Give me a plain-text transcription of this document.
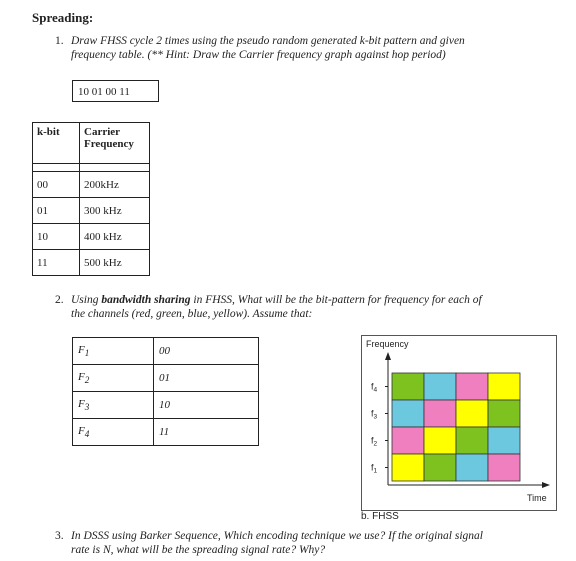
Spreading:
1. Draw FHSS cycle 2 times using the pseudo random generated k-bit pattern and given
frequency table. (** Hint: Draw the Carrier frequency graph against hop period)
10 01 00 11
k-bit	Carrier
Frequency

00	200kHz
01	300 kHz
10	400 kHz
11	500 kHz
2. Using bandwidth sharing in FHSS, What will be the bit-pattern for frequency for each of
the channels (red, green, blue, yellow). Assume that:
$F_1$	00
$F_2$	01
$F_3$	10
$F_4$	11
Frequency
Time
$f_4$
$f_3$
$f_2$
$f_1$
b. FHSS
3. In DSSS using Barker Sequence, Which encoding technique we use? If the original signal
rate is N, what will be the spreading signal rate? Why?
